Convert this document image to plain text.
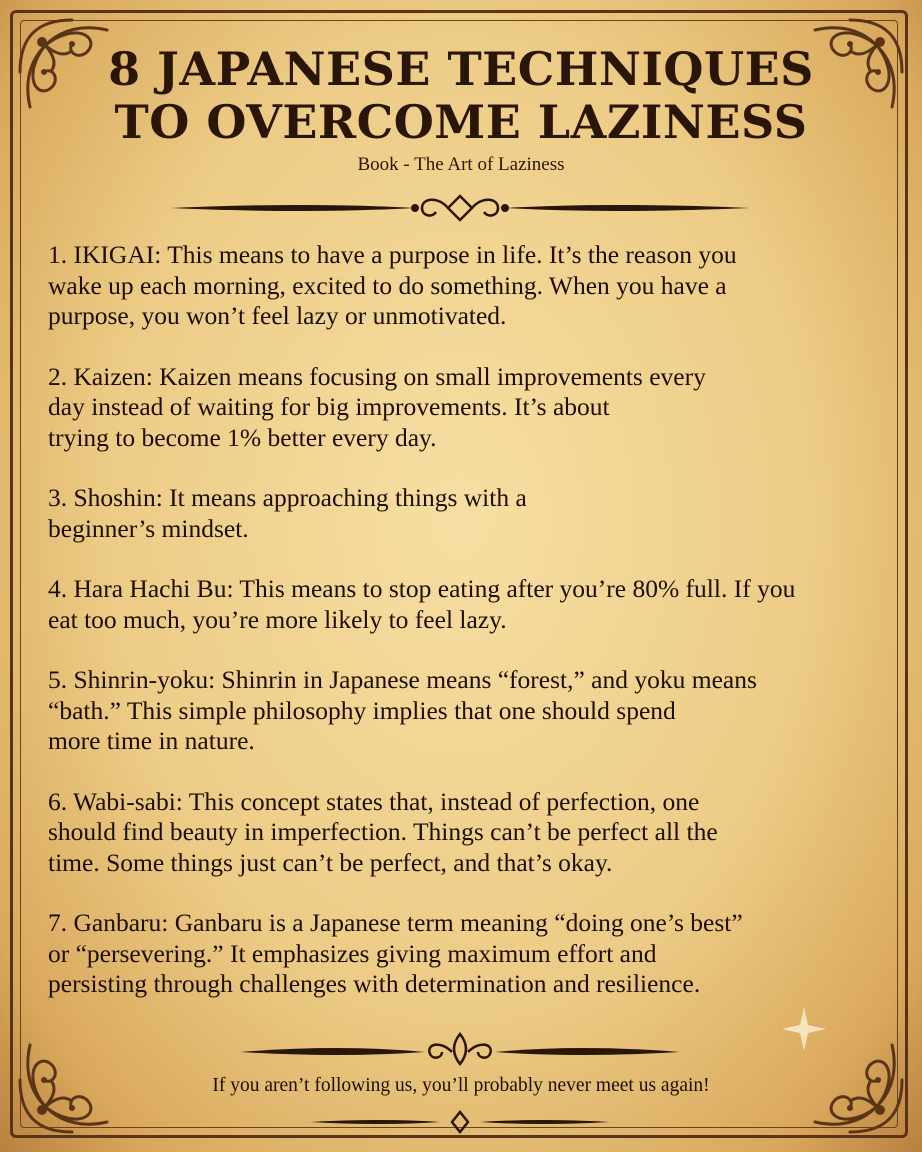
8 JAPANESE TECHNIQUES
TO OVERCOME LAZINESS
Book - The Art of Laziness

1. IKIGAI: This means to have a purpose in life. It’s the reason you
wake up each morning, excited to do something. When you have a
purpose, you won’t feel lazy or unmotivated.

2. Kaizen: Kaizen means focusing on small improvements every
day instead of waiting for big improvements. It’s about
trying to become 1% better every day.

3. Shoshin: It means approaching things with a
beginner’s mindset.

4. Hara Hachi Bu: This means to stop eating after you’re 80% full. If you
eat too much, you’re more likely to feel lazy.

5. Shinrin-yoku: Shinrin in Japanese means “forest,” and yoku means
“bath.” This simple philosophy implies that one should spend
more time in nature.

6. Wabi-sabi: This concept states that, instead of perfection, one
should find beauty in imperfection. Things can’t be perfect all the
time. Some things just can’t be perfect, and that’s okay.

7. Ganbaru: Ganbaru is a Japanese term meaning “doing one’s best”
or “persevering.” It emphasizes giving maximum effort and
persisting through challenges with determination and resilience.

If you aren’t following us, you’ll probably never meet us again!
